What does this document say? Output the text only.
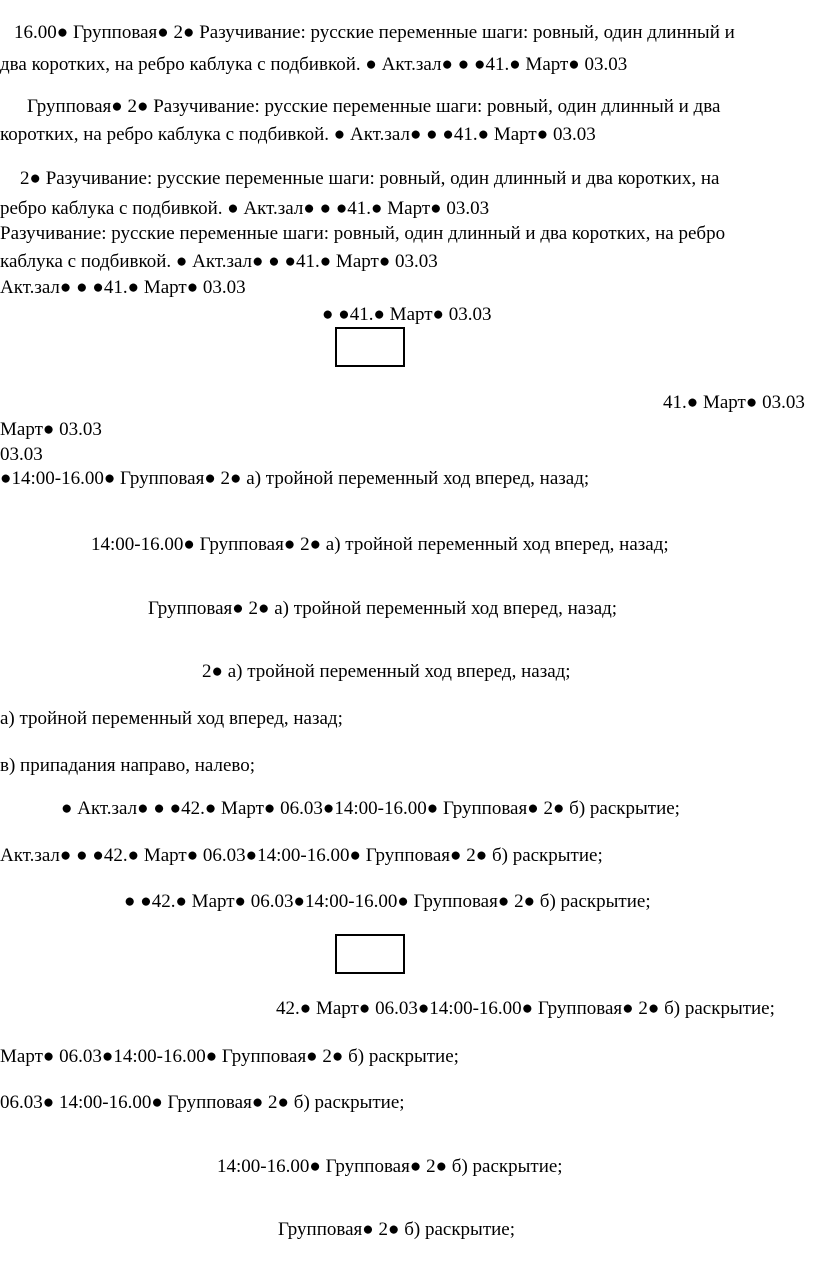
16.00● Групповая● 2● Разучивание: русские переменные шаги: ровный, один длинный и
два коротких, на ребро каблука с подбивкой. ● Акт.зал● ● ●41.● Март● 03.03
Групповая● 2● Разучивание: русские переменные шаги: ровный, один длинный и два
коротких, на ребро каблука с подбивкой. ● Акт.зал● ● ●41.● Март● 03.03
2● Разучивание: русские переменные шаги: ровный, один длинный и два коротких, на
ребро каблука с подбивкой. ● Акт.зал● ● ●41.● Март● 03.03
Разучивание: русские переменные шаги: ровный, один длинный и два коротких, на ребро
каблука с подбивкой. ● Акт.зал● ● ●41.● Март● 03.03
Акт.зал● ● ●41.● Март● 03.03
● ●41.● Март● 03.03
41.● Март● 03.03
Март● 03.03
03.03
●14:00-16.00● Групповая● 2● а) тройной переменный ход вперед, назад;
14:00-16.00● Групповая● 2● а) тройной переменный ход вперед, назад;
Групповая● 2● а) тройной переменный ход вперед, назад;
2● а) тройной переменный ход вперед, назад;
а) тройной переменный ход вперед, назад;
в) припадания направо, налево;
● Акт.зал● ● ●42.● Март● 06.03●14:00-16.00● Групповая● 2● б) раскрытие;
Акт.зал● ● ●42.● Март● 06.03●14:00-16.00● Групповая● 2● б) раскрытие;
● ●42.● Март● 06.03●14:00-16.00● Групповая● 2● б) раскрытие;
42.● Март● 06.03●14:00-16.00● Групповая● 2● б) раскрытие;
Март● 06.03●14:00-16.00● Групповая● 2● б) раскрытие;
06.03● 14:00-16.00● Групповая● 2● б) раскрытие;
14:00-16.00● Групповая● 2● б) раскрытие;
Групповая● 2● б) раскрытие;
